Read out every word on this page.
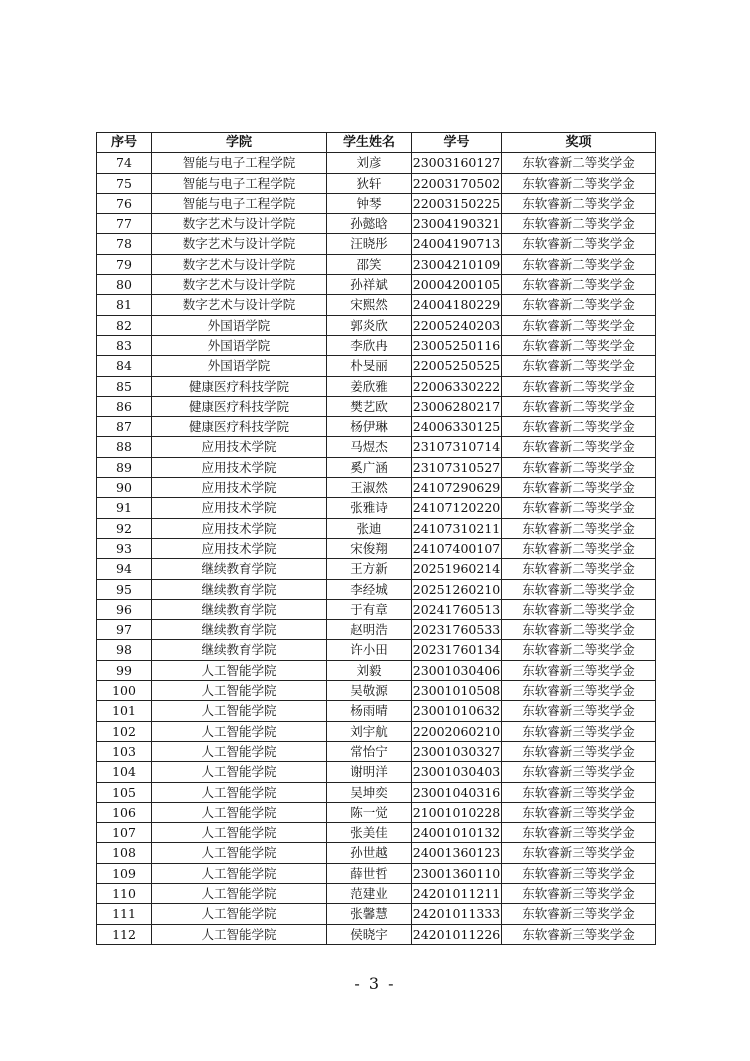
序号	学院	学生姓名	学号	奖项
74	智能与电子工程学院	刘彦	23003160127	东软睿新二等奖学金
75	智能与电子工程学院	狄轩	22003170502	东软睿新二等奖学金
76	智能与电子工程学院	钟琴	22003150225	东软睿新二等奖学金
77	数字艺术与设计学院	孙懿晗	23004190321	东软睿新二等奖学金
78	数字艺术与设计学院	汪晓彤	24004190713	东软睿新二等奖学金
79	数字艺术与设计学院	邵笑	23004210109	东软睿新二等奖学金
80	数字艺术与设计学院	孙祥斌	20004200105	东软睿新二等奖学金
81	数字艺术与设计学院	宋熙然	24004180229	东软睿新二等奖学金
82	外国语学院	郭炎欣	22005240203	东软睿新二等奖学金
83	外国语学院	李欣冉	23005250116	东软睿新二等奖学金
84	外国语学院	朴旻丽	22005250525	东软睿新二等奖学金
85	健康医疗科技学院	姜欣雅	22006330222	东软睿新二等奖学金
86	健康医疗科技学院	樊艺欧	23006280217	东软睿新二等奖学金
87	健康医疗科技学院	杨伊琳	24006330125	东软睿新二等奖学金
88	应用技术学院	马煜杰	23107310714	东软睿新二等奖学金
89	应用技术学院	奚广涵	23107310527	东软睿新二等奖学金
90	应用技术学院	王淑然	24107290629	东软睿新二等奖学金
91	应用技术学院	张雅诗	24107120220	东软睿新二等奖学金
92	应用技术学院	张迪	24107310211	东软睿新二等奖学金
93	应用技术学院	宋俊翔	24107400107	东软睿新二等奖学金
94	继续教育学院	王方新	20251960214	东软睿新二等奖学金
95	继续教育学院	李经城	20251260210	东软睿新二等奖学金
96	继续教育学院	于有章	20241760513	东软睿新二等奖学金
97	继续教育学院	赵明浩	20231760533	东软睿新二等奖学金
98	继续教育学院	许小田	20231760134	东软睿新二等奖学金
99	人工智能学院	刘毅	23001030406	东软睿新三等奖学金
100	人工智能学院	吴敬源	23001010508	东软睿新三等奖学金
101	人工智能学院	杨雨晴	23001010632	东软睿新三等奖学金
102	人工智能学院	刘宇航	22002060210	东软睿新三等奖学金
103	人工智能学院	常怡宁	23001030327	东软睿新三等奖学金
104	人工智能学院	谢明洋	23001030403	东软睿新三等奖学金
105	人工智能学院	吴坤奕	23001040316	东软睿新三等奖学金
106	人工智能学院	陈一觉	21001010228	东软睿新三等奖学金
107	人工智能学院	张美佳	24001010132	东软睿新三等奖学金
108	人工智能学院	孙世越	24001360123	东软睿新三等奖学金
109	人工智能学院	薛世哲	23001360110	东软睿新三等奖学金
110	人工智能学院	范建业	24201011211	东软睿新三等奖学金
111	人工智能学院	张馨慧	24201011333	东软睿新三等奖学金
112	人工智能学院	侯晓宇	24201011226	东软睿新三等奖学金
- 3 -
